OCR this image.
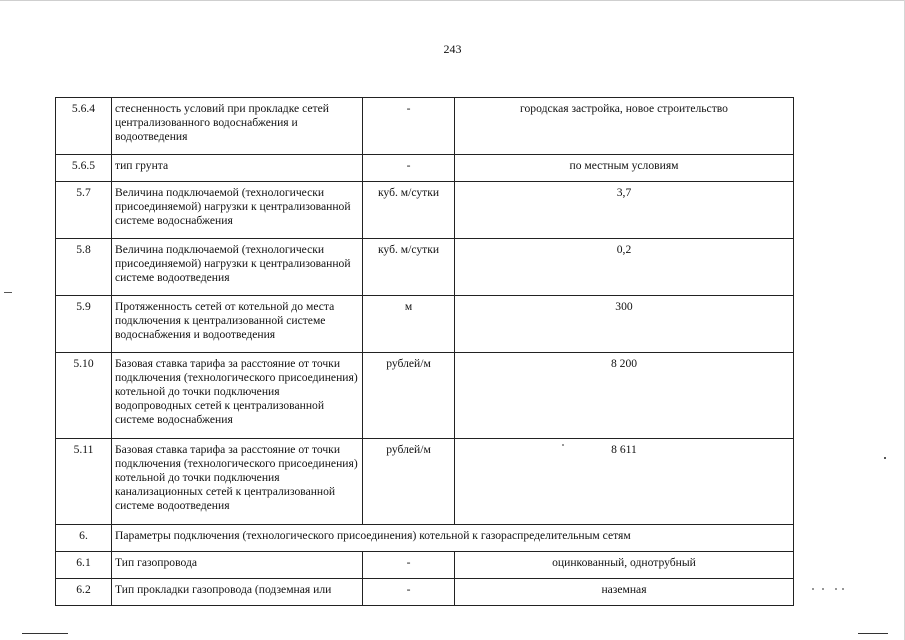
243
5.6.4	стесненность условий при прокладке сетей централизованного водоснабжения и водоотведения	-	городская застройка, новое строительство
5.6.5	тип грунта	-	по местным условиям
5.7	Величина подключаемой (технологически присоединяемой) нагрузки к централизованной системе водоснабжения	куб. м/сутки	3,7
5.8	Величина подключаемой (технологически присоединяемой) нагрузки к централизованной системе водоотведения	куб. м/сутки	0,2
5.9	Протяженность сетей от котельной до места подключения к централизованной системе водоснабжения и водоотведения	м	300
5.10	Базовая ставка тарифа за расстояние от точки подключения (технологического присоединения) котельной до точки подключения водопроводных сетей к централизованной системе водоснабжения	рублей/м	8 200
5.11	Базовая ставка тарифа за расстояние от точки подключения (технологического присоединения) котельной до точки подключения канализационных сетей к централизованной системе водоотведения	рублей/м	8 611
6.	Параметры подключения (технологического присоединения) котельной к газораспределительным сетям		
6.1	Тип газопровода	-	оцинкованный, однотрубный
6.2	Тип прокладки газопровода (подземная или	-	наземная
